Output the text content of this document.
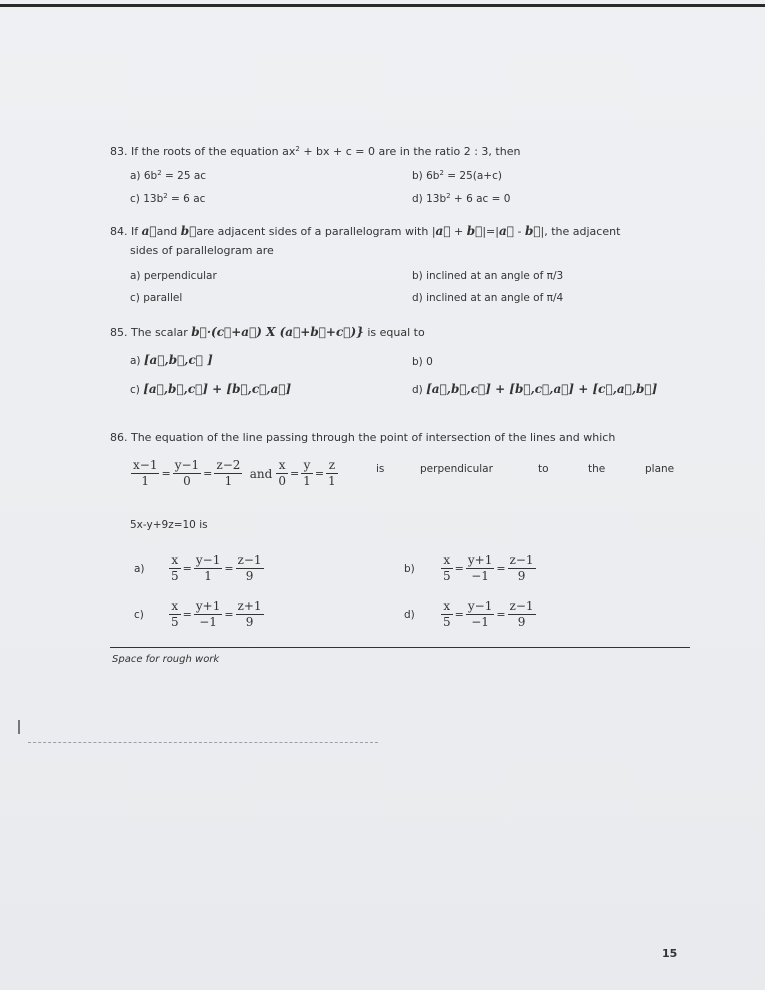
83. If the roots of the equation $ax^2$ + bx + c = 0 are in the ratio 2 : 3, then
a) $6b^2 = 25$ ac	b) $6b^2 = 25(a+c)$
c) $13b^2 = 6$ ac	d) $13b^2 + 6$ ac = 0
84. If a⃗and b⃗are adjacent sides of a parallelogram with |a⃗ + b⃗|=|a⃗ - b⃗|, the adjacent
sides of parallelogram are
a) perpendicular	b) inclined at an angle of π/3
c) parallel	d) inclined at an angle of π/4
85. The scalar b⃗·(c⃗+a⃗) X (a⃗+b⃗+c⃗)} is equal to
a) [a⃗,b⃗,c⃗ ]	b) 0
c) [a⃗,b⃗,c⃗] + [b⃗,c⃗,a⃗]	d) [a⃗,b⃗,c⃗] + [b⃗,c⃗,a⃗] + [c⃗,a⃗,b⃗]
86. The equation of the line passing through the point of intersection of the lines and which
$\frac{x-1}{1} = \frac{y-1}{0} = \frac{z-2}{1}$ and $\frac{x}{0} = \frac{y}{1} = \frac{z}{1}$	is	perpendicular	to	the	plane
5x-y+9z=10 is
$a) \frac{x}{5} = \frac{y-1}{1} = \frac{z-1}{9}$	$b) \frac{x}{5} = \frac{y+1}{-1} = \frac{z-1}{9}$
$c) \frac{x}{5} = \frac{y+1}{-1} = \frac{z+1}{9}$	$d) \frac{x}{5} = \frac{y-1}{-1} = \frac{z-1}{9}$
Space for rough work
15
